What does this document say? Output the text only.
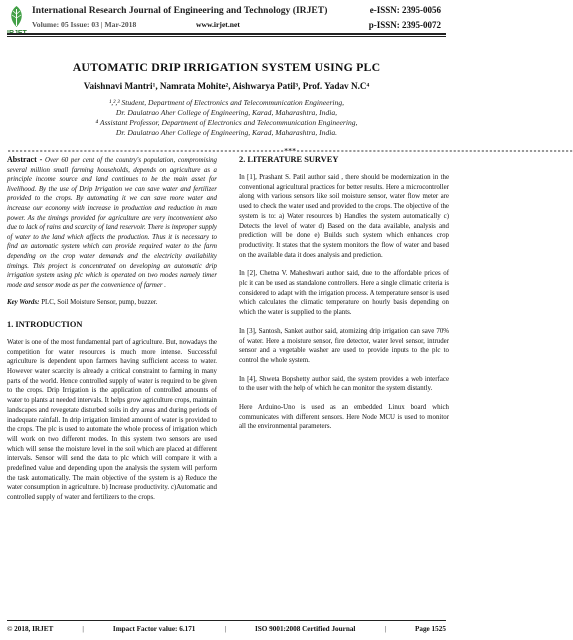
IRJET
International Research Journal of Engineering and Technology (IRJET)	e-ISSN: 2395-0056
Volume: 05 Issue: 03 | Mar-2018	www.irjet.net	p-ISSN: 2395-0072
AUTOMATIC DRIP IRRIGATION SYSTEM USING PLC
Vaishnavi Mantri¹, Namrata Mohite², Aishwarya Patil³, Prof. Yadav N.C⁴
¹,²,³ Student, Department of Electronics and Telecommunication Engineering,
Dr. Daulatrao Aher College of Engineering, Karad, Maharashtra, India,
⁴ Assistant Professor, Department of Electronics and Telecommunication Engineering,
Dr. Daulatrao Aher College of Engineering, Karad, Maharashtra, India.
---------------------------------------------------------------------***---------------------------------------------------------------------

Abstract - Over 60 per cent of the country's population, compromising several million small farming households, depends on agriculture as a principle income source and land continues to be the main asset for livelihood. By the use of Drip Irrigation we can save water and fertilizer provided to the crops. By automating it we can save more water and increase our economy with increase in production and reduction in man power. As the timings provided for agriculture are very inconvenient also due to lack of rains and scarcity of land reservoir. There is improper supply of water to the land which affects the production. Thus it is necessary to find an automatic system which can provide required water to the farm depending on the crop water demands and the electricity availability timings. This project is concentrated on developing an automatic drip irrigation system using plc which is operated on two modes namely timer mode and sensor mode as per the convenience of farmer .

Key Words: PLC, Soil Moisture Sensor, pump, buzzer.

1. INTRODUCTION

Water is one of the most fundamental part of agriculture. But, nowadays the competition for water resources is much more intense. Successful agriculture is dependent upon farmers having sufficient access to water. However water scarcity is already a critical constraint to farming in many parts of the world. Hence controlled supply of water is required to be given to the crops. Drip Irrigation is the application of controlled amounts of water to plants at needed intervals. It helps grow agriculture crops, maintain landscapes and revegetate disturbed soils in dry areas and during periods of inadequate rainfall. In drip irrigation limited amount of water is provided to the crops. The plc is used to automate the whole process of irrigation which will work on two different modes. In this system two sensors are used which will sense the moisture level in the soil which are placed at different intervals. Sensor will send the data to plc which will compare it with a predefined value and depending upon the analysis the system will perform the task automatically. The main objective of the system is a) Reduce the water consumption in agriculture. b) Increase productivity. c)Automatic and controlled supply of water and fertilizers to the crops.

2. LITERATURE SURVEY

In [1], Prashant S. Patil author said , there should be modernization in the conventional agricultural practices for better results. Here a microcontroller along with various sensors like soil moisture sensor, water flow meter are used to check the water used and provided to the crops. The objective of the system is to: a) Water resources b) Handles the system automatically c) Detects the level of water d) Based on the data available, analysis and prediction will be done e) Builds such system which enhances crop productivity. It states that the system monitors the flow of water and based on the available data it does analysis and prediction.

In [2], Chetna V. Maheshwari author said, due to the affordable prices of plc it can be used as standalone controllers. Here a single climatic criteria is considered to adapt with the irrigation process. A temperature sensor is used which calculates the climatic temperature on hourly basis depending on which the water is supplied to the plants.

In [3], Santosh, Sanket author said, atomizing drip irrigation can save 70% of water. Here a moisture sensor, fire detector, water level sensor, intruder sensor and a vegetable washer are used to provide inputs to the plc to control the whole system.

In [4], Shweta Bopshetty author said, the system provides a web interface to the user with the help of which he can monitor the system distantly.

Here Arduino-Uno is used as an embedded Linux board which communicates with different sensors. Here Node MCU is used to monitor all the environmental parameters.

© 2018, IRJET	|	Impact Factor value: 6.171	|	ISO 9001:2008 Certified Journal	|	Page 1525
